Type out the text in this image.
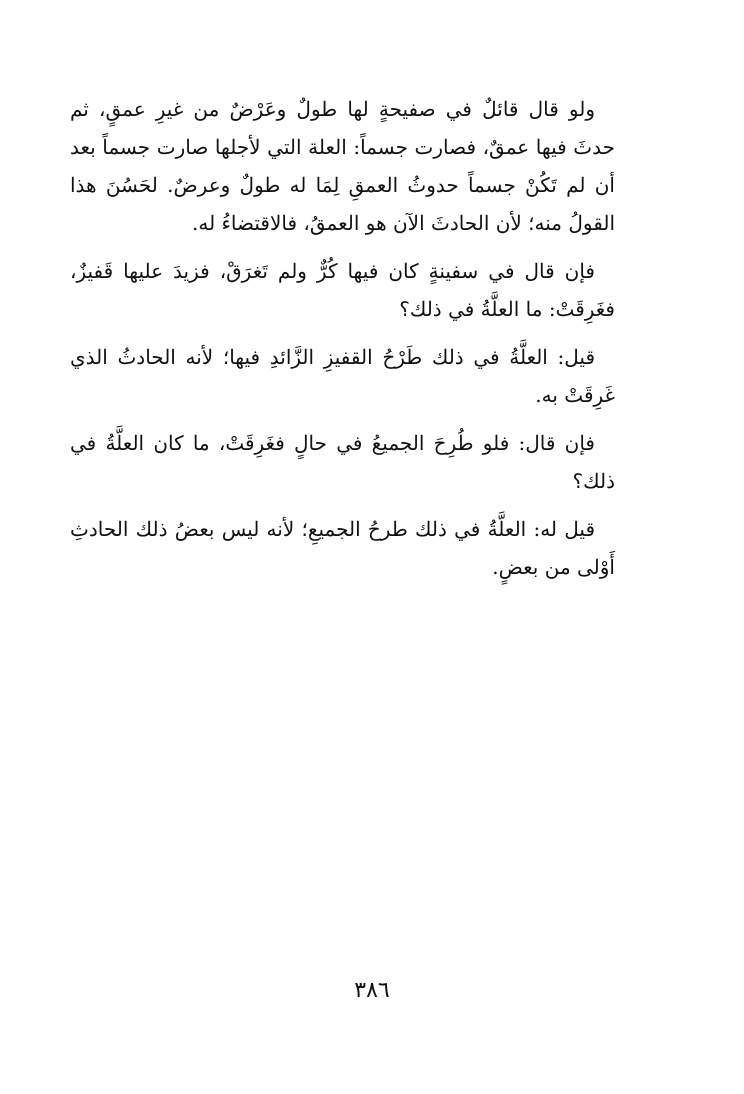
ولو قال قائلٌ في صفيحةٍ لها طولٌ وعَرْضٌ من غيرِ عمقٍ، ثم حدثَ فيها عمقٌ، فصارت جسماً: العلة التي لأجلها صارت جسماً بعد أن لم تَكُنْ جسماً حدوثُ العمقِ لِمَا له طولٌ وعرضٌ. لحَسُنَ هذا القولُ منه؛ لأن الحادثَ الآن هو العمقُ، فالاقتضاءُ له.

فإن قال في سفينةٍ كان فيها كُرٌّ ولم تَغرَقْ، فزيدَ عليها قَفيزٌ، فغَرِقَتْ: ما العلَّةُ في ذلك؟

قيل: العلَّةُ في ذلك طَرْحُ القفيزِ الزَّائدِ فيها؛ لأنه الحادثُ الذي غَرِقَتْ به.

فإن قال: فلو طُرِحَ الجميعُ في حالٍ فغَرِقَتْ، ما كان العلَّةُ في ذلك؟

قيل له: العلَّةُ في ذلك طرحُ الجميعِ؛ لأنه ليس بعضُ ذلك الحادثِ أَوْلى من بعضٍ.

٣٨٦
